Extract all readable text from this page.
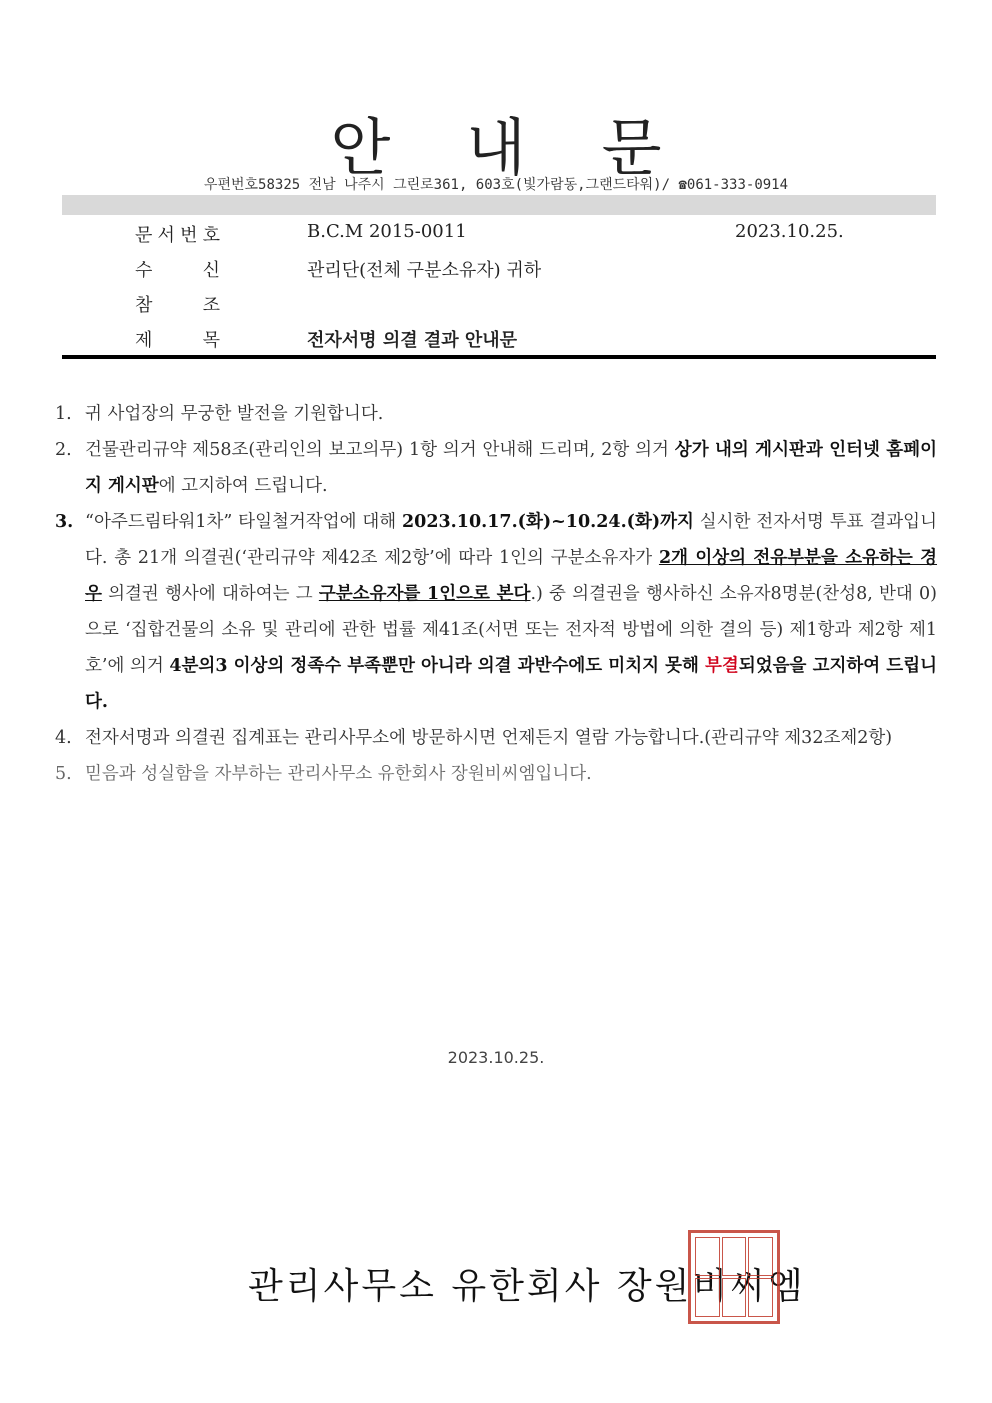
안 내 문
우편번호58325 전남 나주시 그린로361, 603호(빛가람동,그랜드타워)/ ☎061-333-0914
문 서 번 호	B.C.M 2015-0011	2023.10.25.
수	신	관리단(전체 구분소유자) 귀하
참	조
제	목	전자서명 의결 결과 안내문
1. 귀 사업장의 무궁한 발전을 기원합니다.
2. 건물관리규약 제58조(관리인의 보고의무) 1항 의거 안내해 드리며, 2항 의거 상가 내의 게시판과 인터넷 홈페이지 게시판에 고지하여 드립니다.
3. “아주드림타워1차” 타일철거작업에 대해 2023.10.17.(화)~10.24.(화)까지 실시한 전자서명 투표 결과입니다. 총 21개 의결권(‘관리규약 제42조 제2항’에 따라 1인의 구분소유자가 2개 이상의 전유부분을 소유하는 경우 의결권 행사에 대하여는 그 구분소유자를 1인으로 본다.) 중 의결권을 행사하신 소유자8명분(찬성8, 반대 0)으로 ‘집합건물의 소유 및 관리에 관한 법률 제41조(서면 또는 전자적 방법에 의한 결의 등) 제1항과 제2항 제1호’에 의거 4분의3 이상의 정족수 부족뿐만 아니라 의결 과반수에도 미치지 못해 부결되었음을 고지하여 드립니다.
4. 전자서명과 의결권 집계표는 관리사무소에 방문하시면 언제든지 열람 가능합니다.(관리규약 제32조제2항)
5. 믿음과 성실함을 자부하는 관리사무소 유한회사 장원비씨엠입니다.
2023.10.25.
관리사무소 유한회사 장원비씨엠
